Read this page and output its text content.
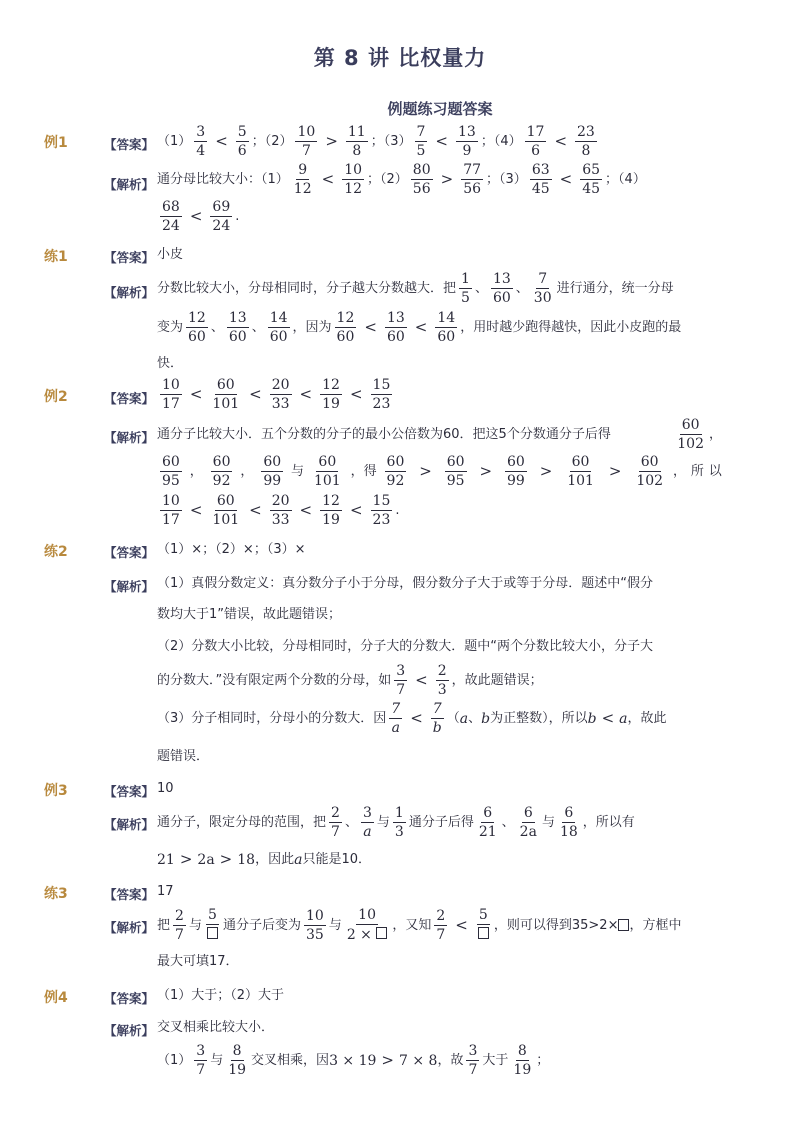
第 8 讲 比权量力
例题练习题答案
例1	【答案】 $(1) \frac{3}{4} < \frac{5}{6}$ ；$(2) \frac{10}{7} > \frac{11}{8}$ ；$(3) \frac{7}{5} < \frac{13}{9}$ ；$(4) \frac{17}{6} < \frac{23}{8}$
【解析】 通分母比较大小：$(1) \frac{9}{12} < \frac{10}{12}$ ；$(2) \frac{80}{56} > \frac{77}{56}$ ；$(3) \frac{63}{45} < \frac{65}{45}$ ；（4）
$\frac{68}{24} < \frac{69}{24}$ .
练1	【答案】 小皮
【解析】 分数比较大小，分母相同时，分子越大分数越大．把 $\frac{1}{5}$ 、 $\frac{13}{60}$ 、 $\frac{7}{30}$ 进行通分，统一分母
变为 $\frac{12}{60}$ 、 $\frac{13}{60}$ 、 $\frac{14}{60}$ ，因为 $\frac{12}{60} < \frac{13}{60} < \frac{14}{60}$ ，用时越少跑得越快，因此小皮跑的最
快．
例2	【答案】 $\frac{10}{17} < \frac{60}{101} < \frac{20}{33} < \frac{12}{19} < \frac{15}{23}$
【解析】 通分子比较大小．五个分数的分子的最小公倍数为60．把这5个分数通分子后得	$\frac{60}{102}$ ，
$\frac{60}{95}$ ， $\frac{60}{92}$ ， $\frac{60}{99}$ 与 $\frac{60}{101}$ ，得 $\frac{60}{92} > \frac{60}{95} > \frac{60}{99} > \frac{60}{101} > \frac{60}{102}$ ， 所 以
$\frac{10}{17} < \frac{60}{101} < \frac{20}{33} < \frac{12}{19} < \frac{15}{23}$ .
练2	【答案】 （1）×；（2）×；（3）×
【解析】 （1）真假分数定义：真分数分子小于分母，假分数分子大于或等于分母．题述中“假分
数均大于1”错误，故此题错误；
（2）分数大小比较，分母相同时，分子大的分数大．题中“两个分数比较大小，分子大
的分数大．”没有限定两个分数的分母，如 $\frac{3}{7} < \frac{2}{3}$ ，故此题错误；
（3）分子相同时，分母小的分数大．因 $\frac{7}{a} < \frac{7}{b}$ （ a 、 b 为正整数），所以 b < a ，故此
题错误．
例3	【答案】 10
【解析】 通分子，限定分母的范围，把 $\frac{2}{7}$ 、 $\frac{3}{a}$ 与 $\frac{1}{3}$ 通分子后得 $\frac{6}{21}$ 、 $\frac{6}{2a}$ 与 $\frac{6}{18}$ ，所以有
21 > 2a > 18 ，因此 a 只能是10．
练3	【答案】 17
【解析】 把 $\frac{2}{7}$ 与
5
通分子后变为 $\frac{10}{35}$ 与 $\frac{10}{2 \times}$ ，又知 $\frac{2}{7}$ <
5
，则可以得到35>2× ，方框中
最大可填17．
例4	【答案】 （1）大于；（2）大于
【解析】 交叉相乘比较大小．
$(1) \frac{3}{7}$ 与 $\frac{8}{19}$ 交叉相乘，因 3 × 19 > 7 × 8 ，故 $\frac{3}{7}$ 大于 $\frac{8}{19}$ ；
